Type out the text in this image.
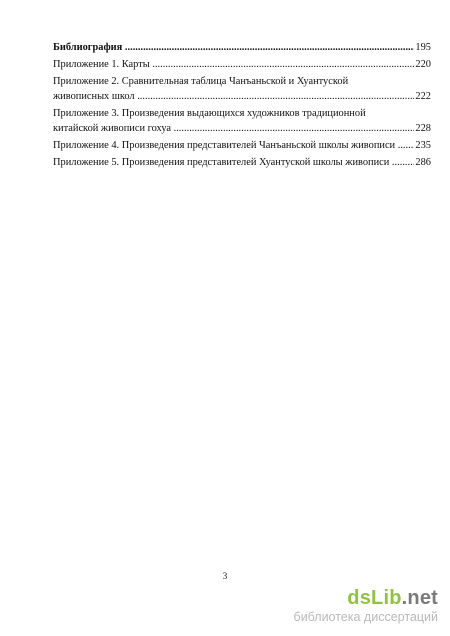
Библиография .....	195
Приложение 1. Карты .....	220
Приложение 2. Сравнительная таблица Чанъаньской и Хуантуской
живописных школ .....	222
Приложение 3. Произведения выдающихся художников традиционной
китайской живописи гохуа .....	228
Приложение 4. Произведения представителей Чанъаньской школы живописи .....	235
Приложение 5. Произведения представителей Хуантуской школы живописи .....	286
3
dsLib.net
библиотека диссертаций
